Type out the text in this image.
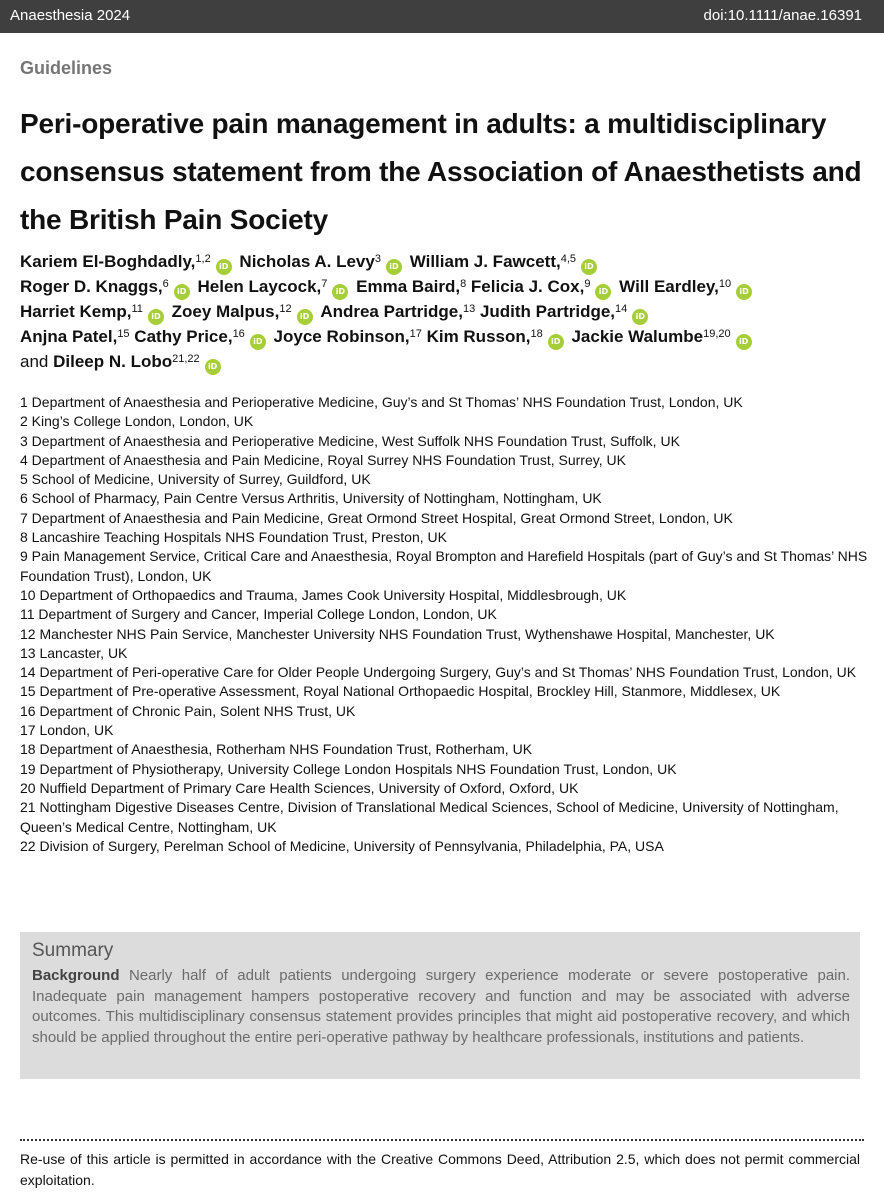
Anaesthesia 2024	doi:10.1111/anae.16391
Guidelines
Peri-operative pain management in adults: a multidisciplinary consensus statement from the Association of Anaesthetists and the British Pain Society
Kariem El-Boghdadly,$^{1,2}$iD Nicholas A. Levy$^3$iD William J. Fawcett,$^{4,5}$iD
Roger D. Knaggs,$^6$iD Helen Laycock,$^7$iD Emma Baird,$^8$ Felicia J. Cox,$^9$iD Will Eardley,$^{10}$iD
Harriet Kemp,$^{11}$iD Zoey Malpus,$^{12}$iD Andrea Partridge,$^{13}$ Judith Partridge,$^{14}$iD
Anjna Patel,$^{15}$ Cathy Price,$^{16}$iD Joyce Robinson,$^{17}$ Kim Russon,$^{18}$iD Jackie Walumbe$^{19,20}$iD
and Dileep N. Lobo$^{21,22}$iD
1 Department of Anaesthesia and Perioperative Medicine, Guy’s and St Thomas’ NHS Foundation Trust, London, UK
2 King’s College London, London, UK
3 Department of Anaesthesia and Perioperative Medicine, West Suffolk NHS Foundation Trust, Suffolk, UK
4 Department of Anaesthesia and Pain Medicine, Royal Surrey NHS Foundation Trust, Surrey, UK
5 School of Medicine, University of Surrey, Guildford, UK
6 School of Pharmacy, Pain Centre Versus Arthritis, University of Nottingham, Nottingham, UK
7 Department of Anaesthesia and Pain Medicine, Great Ormond Street Hospital, Great Ormond Street, London, UK
8 Lancashire Teaching Hospitals NHS Foundation Trust, Preston, UK
9 Pain Management Service, Critical Care and Anaesthesia, Royal Brompton and Harefield Hospitals (part of Guy’s and St Thomas’ NHS Foundation Trust), London, UK
10 Department of Orthopaedics and Trauma, James Cook University Hospital, Middlesbrough, UK
11 Department of Surgery and Cancer, Imperial College London, London, UK
12 Manchester NHS Pain Service, Manchester University NHS Foundation Trust, Wythenshawe Hospital, Manchester, UK
13 Lancaster, UK
14 Department of Peri-operative Care for Older People Undergoing Surgery, Guy’s and St Thomas’ NHS Foundation Trust, London, UK
15 Department of Pre-operative Assessment, Royal National Orthopaedic Hospital, Brockley Hill, Stanmore, Middlesex, UK
16 Department of Chronic Pain, Solent NHS Trust, UK
17 London, UK
18 Department of Anaesthesia, Rotherham NHS Foundation Trust, Rotherham, UK
19 Department of Physiotherapy, University College London Hospitals NHS Foundation Trust, London, UK
20 Nuffield Department of Primary Care Health Sciences, University of Oxford, Oxford, UK
21 Nottingham Digestive Diseases Centre, Division of Translational Medical Sciences, School of Medicine, University of Nottingham, Queen’s Medical Centre, Nottingham, UK
22 Division of Surgery, Perelman School of Medicine, University of Pennsylvania, Philadelphia, PA, USA
Summary

Background Nearly half of adult patients undergoing surgery experience moderate or severe postoperative pain. Inadequate pain management hampers postoperative recovery and function and may be associated with adverse outcomes. This multidisciplinary consensus statement provides principles that might aid postoperative recovery, and which should be applied throughout the entire peri-operative pathway by healthcare professionals, institutions and patients.

Re-use of this article is permitted in accordance with the Creative Commons Deed, Attribution 2.5, which does not permit commercial exploitation.
